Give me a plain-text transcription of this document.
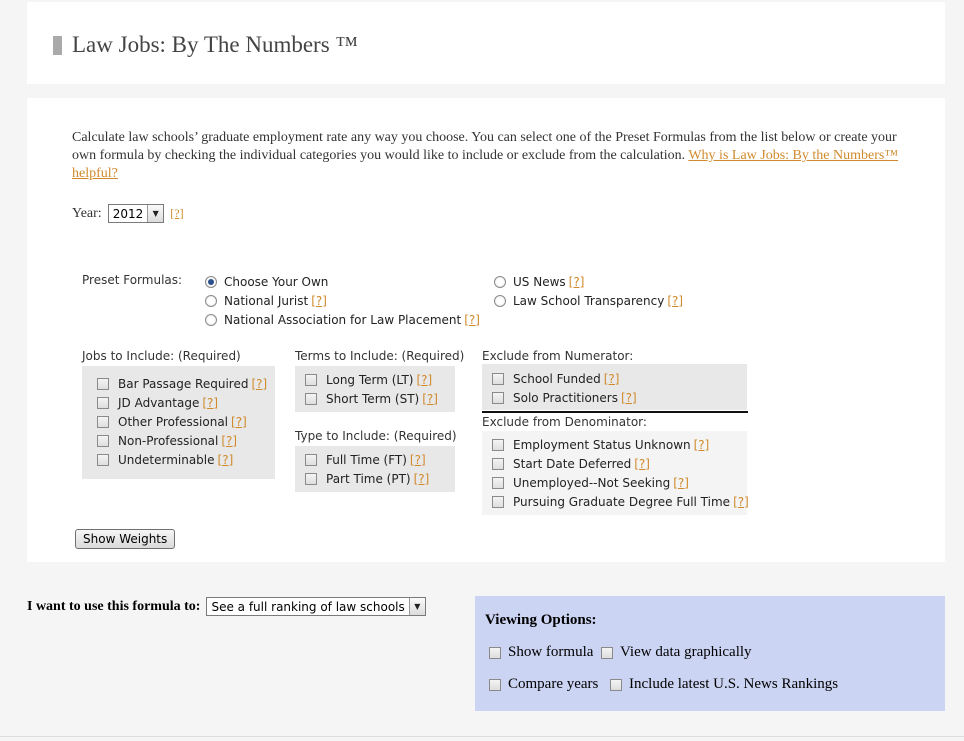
Law Jobs: By The Numbers ™

Calculate law schools’ graduate employment rate any way you choose. You can select one of the Preset Formulas from the list below or create your own formula by checking the individual categories you would like to include or exclude from the calculation. Why is Law Jobs: By the Numbers™ helpful?

Year: 2012	▼ [?]
Preset Formulas:	Choose Your Own
National Jurist [?]
National Association for Law Placement [?]
US News [?]
Law School Transparency [?]
Jobs to Include: (Required)
Bar Passage Required [?]
JD Advantage [?]
Other Professional [?]
Non-Professional [?]
Undeterminable [?]
Terms to Include: (Required)
Long Term (LT) [?]
Short Term (ST) [?]
Type to Include: (Required)
Full Time (FT) [?]
Part Time (PT) [?]
Exclude from Numerator:
School Funded [?]
Solo Practitioners [?]
Exclude from Denominator:
Employment Status Unknown [?]
Start Date Deferred [?]
Unemployed--Not Seeking [?]
Pursuing Graduate Degree Full Time [?]
Show Weights
I want to use this formula to: See a full ranking of law schools	▼
Viewing Options:
Show formula View data graphically
Compare years Include latest U.S. News Rankings
